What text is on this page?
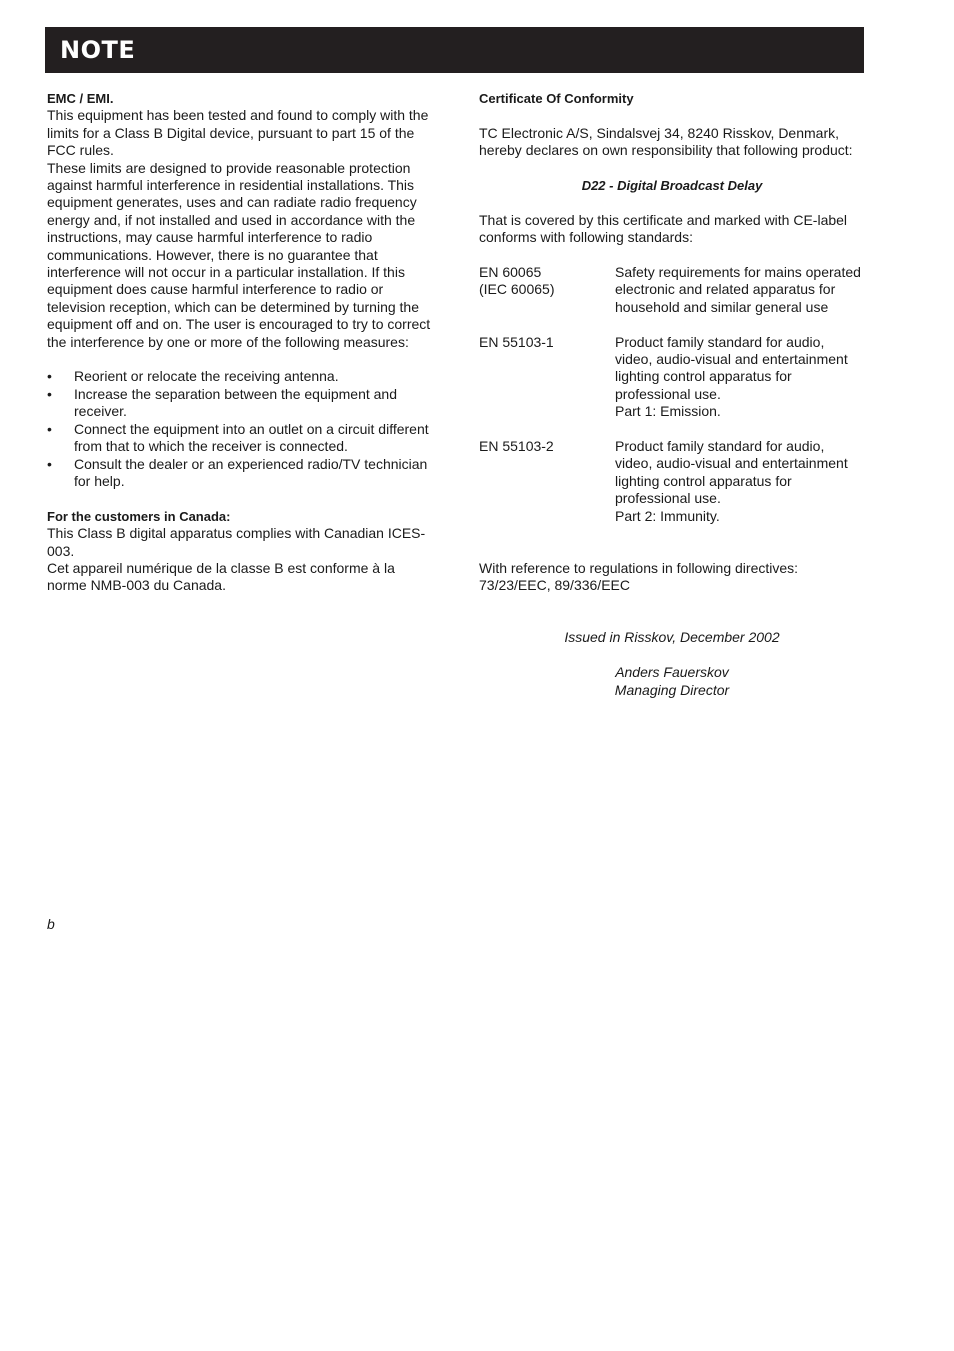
NOTE

EMC / EMI.

This equipment has been tested and found to comply with the limits for a Class B Digital device, pursuant to part 15 of the FCC rules.

These limits are designed to provide reasonable protection against harmful interference in residential installations. This equipment generates, uses and can radiate radio frequency energy and, if not installed and used in accordance with the instructions, may cause harmful interference to radio communications. However, there is no guarantee that interference will not occur in a particular installation. If this equipment does cause harmful interference to radio or television reception, which can be determined by turning the equipment off and on. The user is encouraged to try to correct the interference by one or more of the following measures:

• Reorient or relocate the receiving antenna.
• Increase the separation between the equipment and receiver.
• Connect the equipment into an outlet on a circuit different from that to which the receiver is connected.
• Consult the dealer or an experienced radio/TV technician for help.

For the customers in Canada:

This Class B digital apparatus complies with Canadian ICES-003.

Cet appareil numérique de la classe B est conforme à la norme NMB-003 du Canada.

Certificate Of Conformity

TC Electronic A/S, Sindalsvej 34, 8240 Risskov, Denmark, hereby declares on own responsibility that following product:

D22 - Digital Broadcast Delay

That is covered by this certificate and marked with CE-label conforms with following standards:

EN 60065
(IEC 60065)
Safety requirements for mains operated electronic and related apparatus for household and similar general use
EN 55103-1	Product family standard for audio, video, audio-visual and entertainment lighting control apparatus for professional use.
Part 1: Emission.
EN 55103-2	Product family standard for audio, video, audio-visual and entertainment lighting control apparatus for professional use.
Part 2: Immunity.

With reference to regulations in following directives: 73/23/EEC, 89/336/EEC

Issued in Risskov, December 2002

Anders Fauerskov

Managing Director

b
